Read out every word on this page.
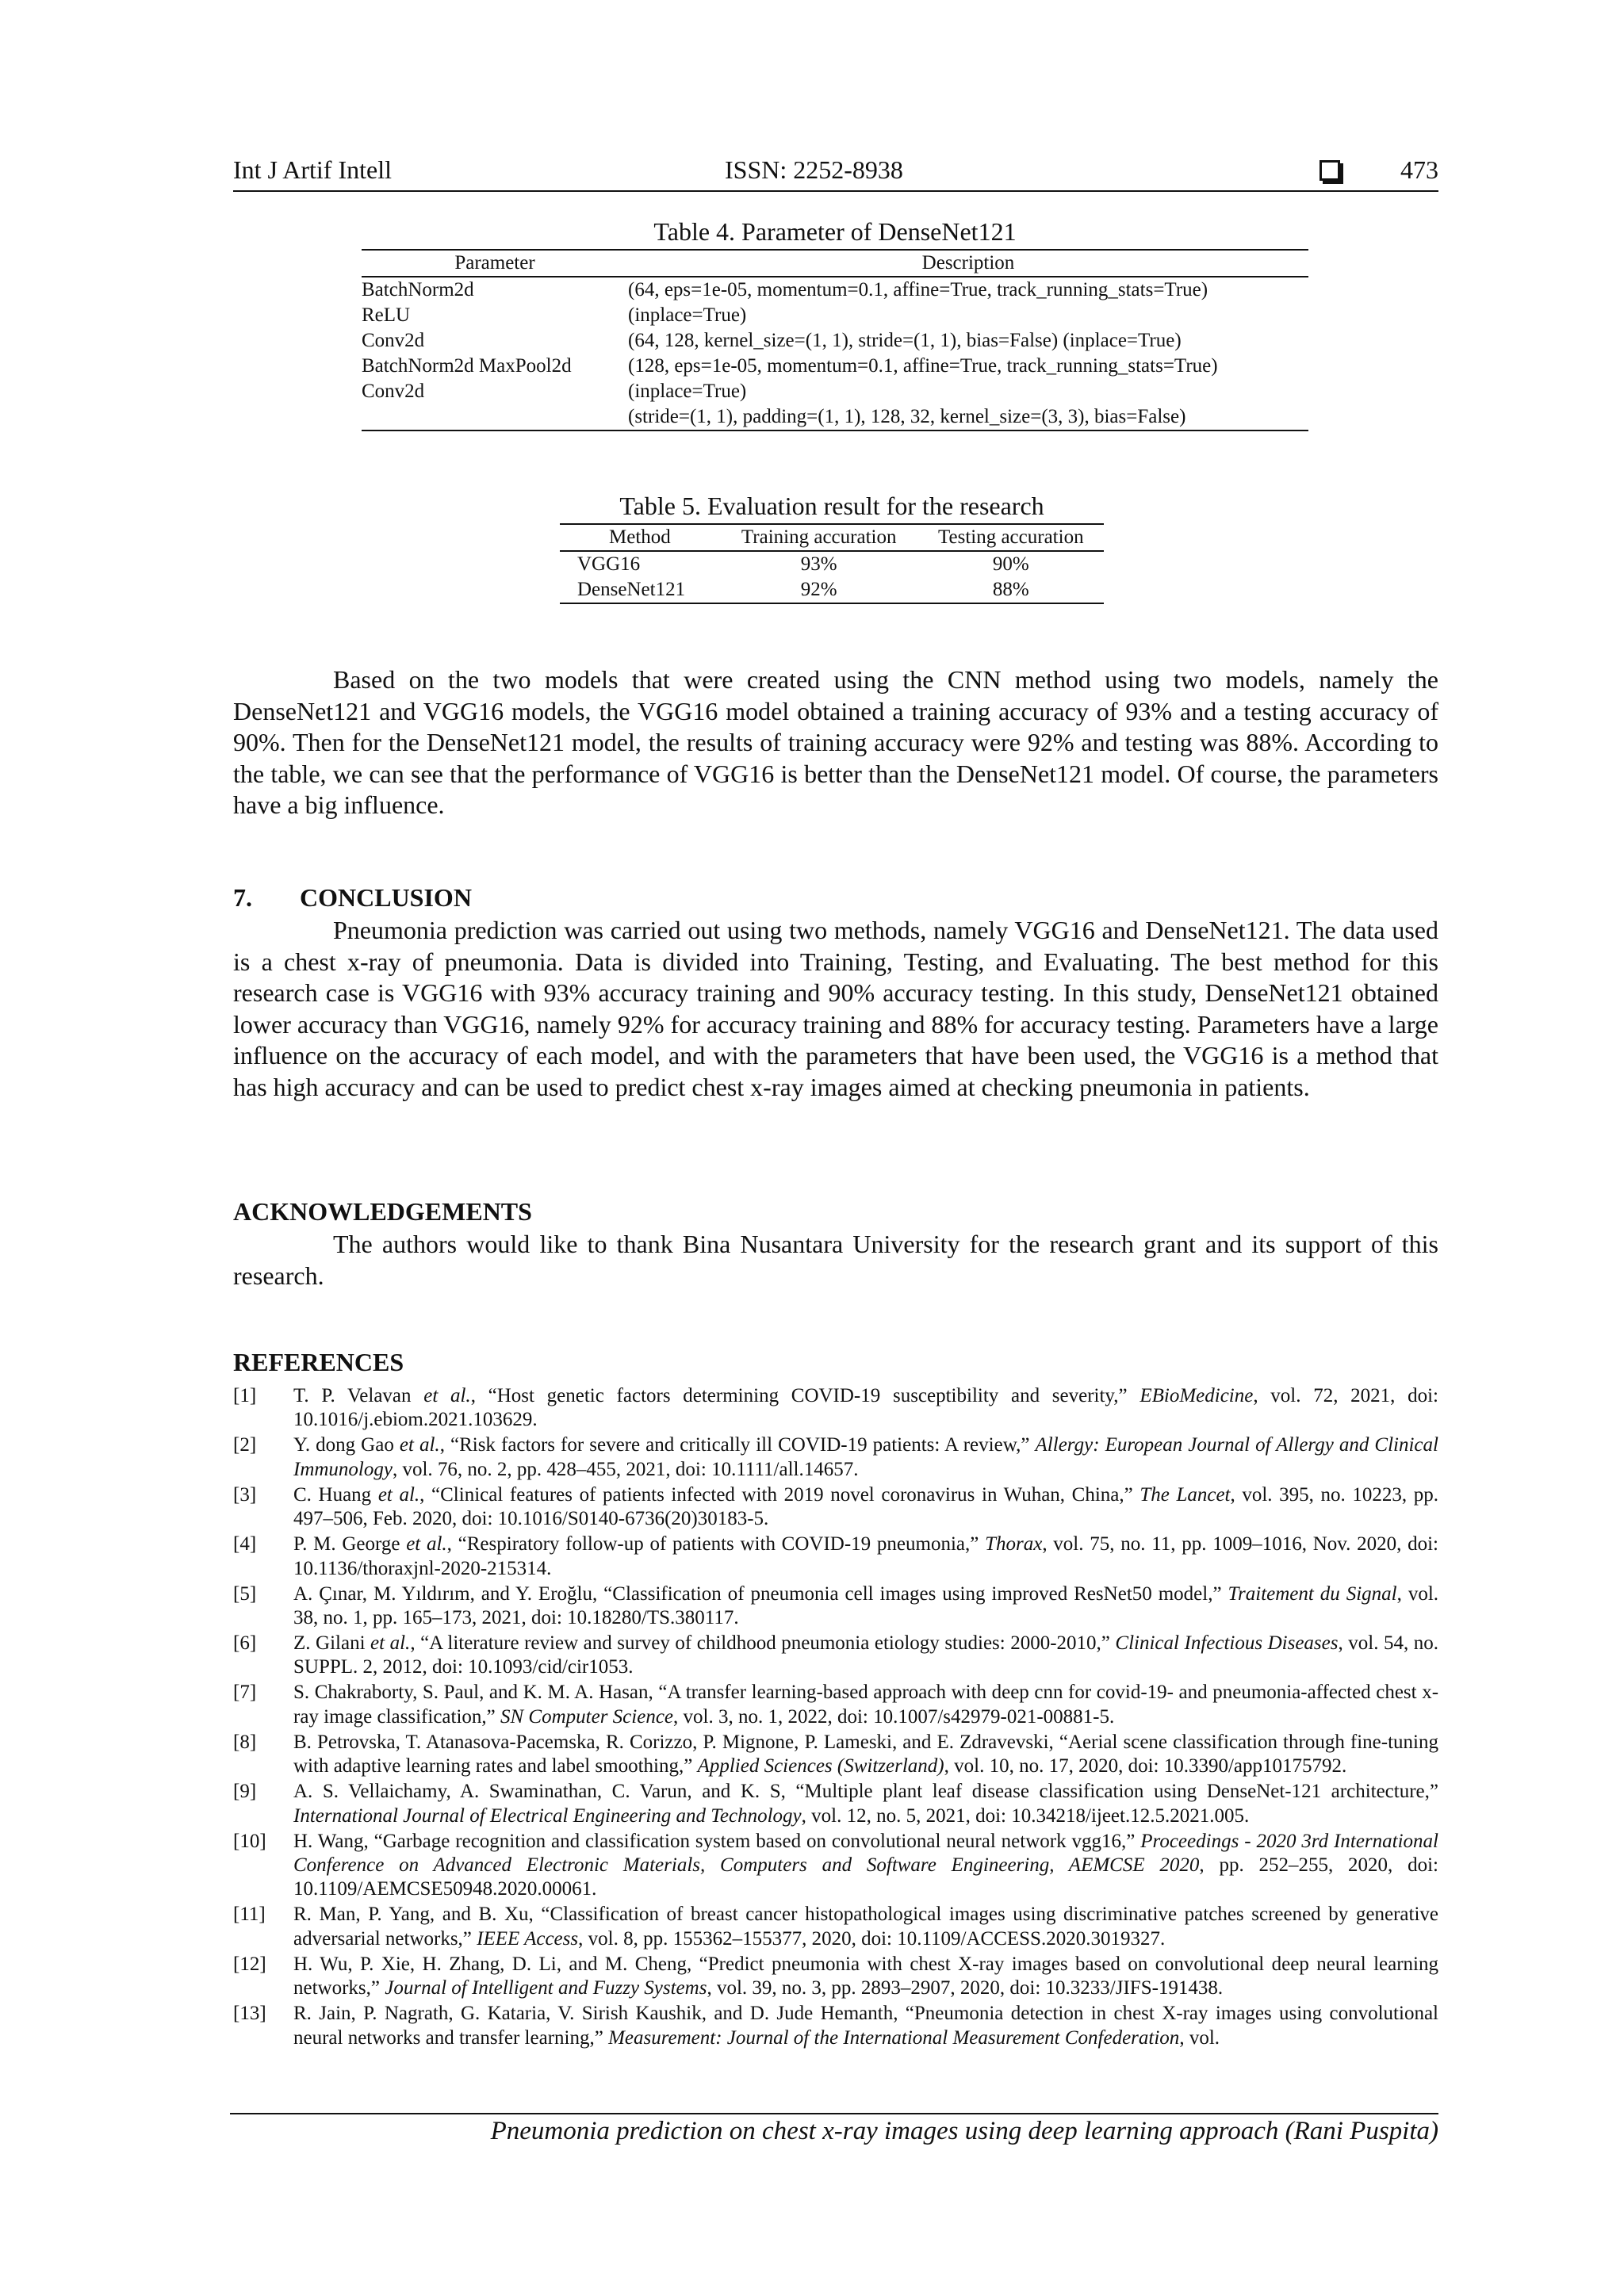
Int J Artif Intell	ISSN: 2252-8938	473
Table 4. Parameter of DenseNet121
Parameter	Description
BatchNorm2d	(64, eps=1e-05, momentum=0.1, affine=True, track_running_stats=True)
ReLU	(inplace=True)
Conv2d	(64, 128, kernel_size=(1, 1), stride=(1, 1), bias=False) (inplace=True)
BatchNorm2d MaxPool2d	(128, eps=1e-05, momentum=0.1, affine=True, track_running_stats=True)
Conv2d	(inplace=True)
	(stride=(1, 1), padding=(1, 1), 128, 32, kernel_size=(3, 3), bias=False)
Table 5. Evaluation result for the research
Method	Training accuration	Testing accuration
VGG16	93%	90%
DenseNet121	92%	88%

Based on the two models that were created using the CNN method using two models, namely the DenseNet121 and VGG16 models, the VGG16 model obtained a training accuracy of 93% and a testing accuracy of 90%. Then for the DenseNet121 model, the results of training accuracy were 92% and testing was 88%. According to the table, we can see that the performance of VGG16 is better than the DenseNet121 model. Of course, the parameters have a big influence.

7. CONCLUSION

Pneumonia prediction was carried out using two methods, namely VGG16 and DenseNet121. The data used is a chest x-ray of pneumonia. Data is divided into Training, Testing, and Evaluating. The best method for this research case is VGG16 with 93% accuracy training and 90% accuracy testing. In this study, DenseNet121 obtained lower accuracy than VGG16, namely 92% for accuracy training and 88% for accuracy testing. Parameters have a large influence on the accuracy of each model, and with the parameters that have been used, the VGG16 is a method that has high accuracy and can be used to predict chest x-ray images aimed at checking pneumonia in patients.

ACKNOWLEDGEMENTS

The authors would like to thank Bina Nusantara University for the research grant and its support of this research.

REFERENCES
[1] T. P. Velavan et al., “Host genetic factors determining COVID-19 susceptibility and severity,” EBioMedicine, vol. 72, 2021, doi: 10.1016/j.ebiom.2021.103629.
[2] Y. dong Gao et al., “Risk factors for severe and critically ill COVID-19 patients: A review,” Allergy: European Journal of Allergy and Clinical Immunology, vol. 76, no. 2, pp. 428–455, 2021, doi: 10.1111/all.14657.
[3] C. Huang et al., “Clinical features of patients infected with 2019 novel coronavirus in Wuhan, China,” The Lancet, vol. 395, no. 10223, pp. 497–506, Feb. 2020, doi: 10.1016/S0140-6736(20)30183-5.
[4] P. M. George et al., “Respiratory follow-up of patients with COVID-19 pneumonia,” Thorax, vol. 75, no. 11, pp. 1009–1016, Nov. 2020, doi: 10.1136/thoraxjnl-2020-215314.
[5] A. Çınar, M. Yıldırım, and Y. Eroğlu, “Classification of pneumonia cell images using improved ResNet50 model,” Traitement du Signal, vol. 38, no. 1, pp. 165–173, 2021, doi: 10.18280/TS.380117.
[6] Z. Gilani et al., “A literature review and survey of childhood pneumonia etiology studies: 2000-2010,” Clinical Infectious Diseases, vol. 54, no. SUPPL. 2, 2012, doi: 10.1093/cid/cir1053.
[7] S. Chakraborty, S. Paul, and K. M. A. Hasan, “A transfer learning-based approach with deep cnn for covid-19- and pneumonia-affected chest x-ray image classification,” SN Computer Science, vol. 3, no. 1, 2022, doi: 10.1007/s42979-021-00881-5.
[8] B. Petrovska, T. Atanasova-Pacemska, R. Corizzo, P. Mignone, P. Lameski, and E. Zdravevski, “Aerial scene classification through fine-tuning with adaptive learning rates and label smoothing,” Applied Sciences (Switzerland), vol. 10, no. 17, 2020, doi: 10.3390/app10175792.
[9] A. S. Vellaichamy, A. Swaminathan, C. Varun, and K. S, “Multiple plant leaf disease classification using DenseNet-121 architecture,” International Journal of Electrical Engineering and Technology, vol. 12, no. 5, 2021, doi: 10.34218/ijeet.12.5.2021.005.
[10] H. Wang, “Garbage recognition and classification system based on convolutional neural network vgg16,” Proceedings - 2020 3rd International Conference on Advanced Electronic Materials, Computers and Software Engineering, AEMCSE 2020, pp. 252–255, 2020, doi: 10.1109/AEMCSE50948.2020.00061.
[11] R. Man, P. Yang, and B. Xu, “Classification of breast cancer histopathological images using discriminative patches screened by generative adversarial networks,” IEEE Access, vol. 8, pp. 155362–155377, 2020, doi: 10.1109/ACCESS.2020.3019327.
[12] H. Wu, P. Xie, H. Zhang, D. Li, and M. Cheng, “Predict pneumonia with chest X-ray images based on convolutional deep neural learning networks,” Journal of Intelligent and Fuzzy Systems, vol. 39, no. 3, pp. 2893–2907, 2020, doi: 10.3233/JIFS-191438.
[13] R. Jain, P. Nagrath, G. Kataria, V. Sirish Kaushik, and D. Jude Hemanth, “Pneumonia detection in chest X-ray images using convolutional neural networks and transfer learning,” Measurement: Journal of the International Measurement Confederation, vol.
Pneumonia prediction on chest x-ray images using deep learning approach (Rani Puspita)
